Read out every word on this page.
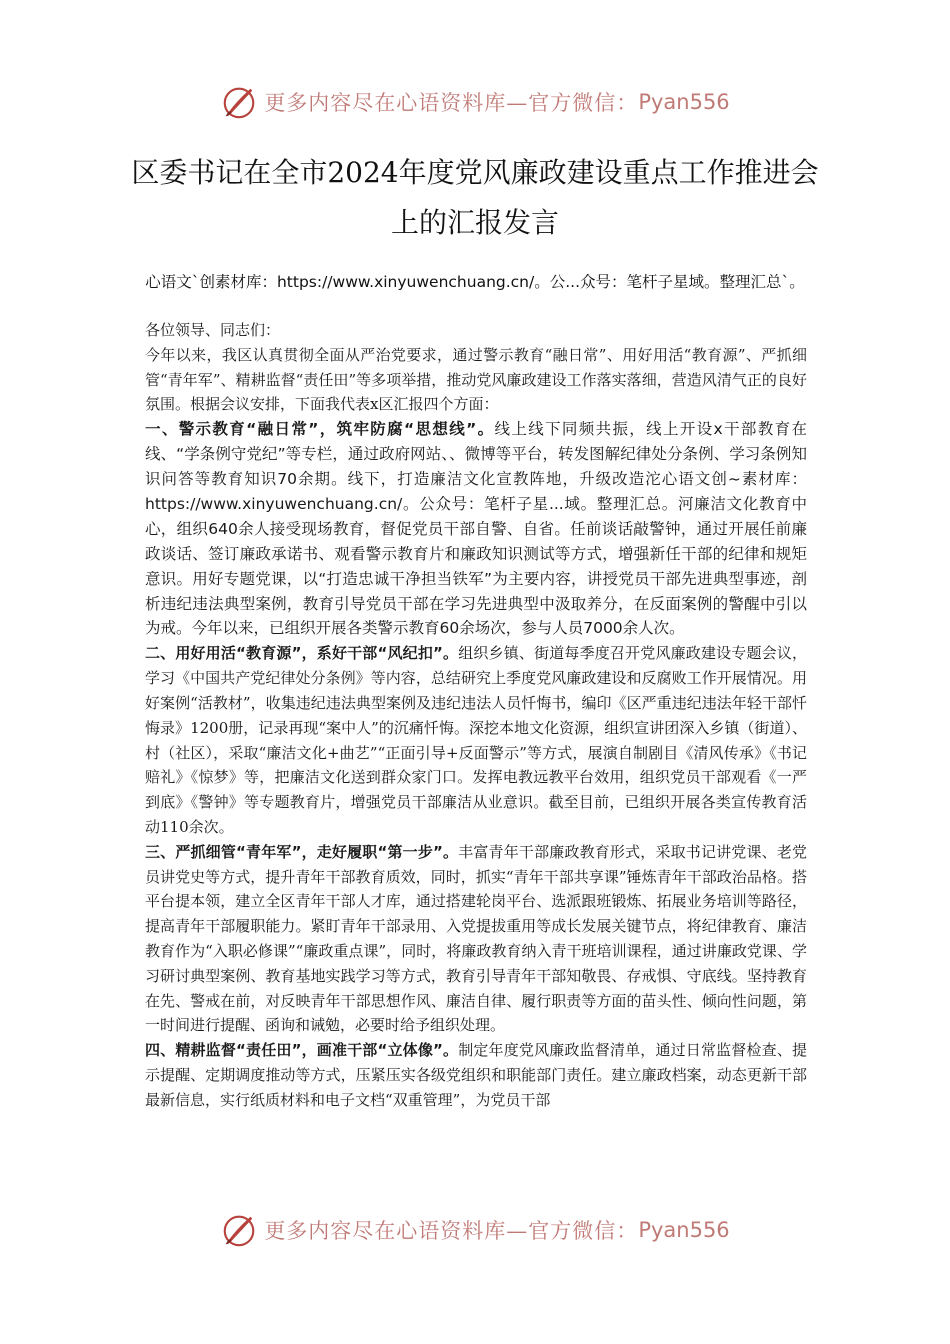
更多内容尽在心语资料库—官方微信： Pyan556
区委书记在全市2024年度党风廉政建设重点工作推进会上的汇报发言
心语文`创素材库：https://www.xinyuwenchuang.cn/。公...众号：笔杆子星域。整理汇总`。

各位领导、同志们：

今年以来，我区认真贯彻全面从严治党要求，通过警示教育“融日常”、用好用活“教育源”、严抓细管“青年军”、精耕监督“责任田”等多项举措，推动党风廉政建设工作落实落细，营造风清气正的良好氛围。根据会议安排，下面我代表x区汇报四个方面：

一、警示教育“融日常”，筑牢防腐“思想线”。线上线下同频共振，线上开设x干部教育在线、“学条例守党纪”等专栏，通过政府网站、、微博等平台，转发图解纪律处分条例、学习条例知识问答等教育知识70余期。线下，打造廉洁文化宣教阵地，升级改造沱心语文创~素材库：https://www.xinyuwenchuang.cn/。公众号：笔杆子星...域。整理汇总。河廉洁文化教育中心，组织640余人接受现场教育，督促党员干部自警、自省。任前谈话敲警钟，通过开展任前廉政谈话、签订廉政承诺书、观看警示教育片和廉政知识测试等方式，增强新任干部的纪律和规矩意识。用好专题党课，以“打造忠诚干净担当铁军”为主要内容，讲授党员干部先进典型事迹，剖析违纪违法典型案例，教育引导党员干部在学习先进典型中汲取养分，在反面案例的警醒中引以为戒。今年以来，已组织开展各类警示教育60余场次，参与人员7000余人次。

二、用好用活“教育源”，系好干部“风纪扣”。组织乡镇、街道每季度召开党风廉政建设专题会议，学习《中国共产党纪律处分条例》等内容，总结研究上季度党风廉政建设和反腐败工作开展情况。用好案例“活教材”，收集违纪违法典型案例及违纪违法人员忏悔书，编印《区严重违纪违法年轻干部忏悔录》1200册，记录再现“案中人”的沉痛忏悔。深挖本地文化资源，组织宣讲团深入乡镇（街道）、村（社区），采取“廉洁文化+曲艺”“正面引导+反面警示”等方式，展演自制剧目《清风传承》《书记赔礼》《惊梦》等，把廉洁文化送到群众家门口。发挥电教远教平台效用，组织党员干部观看《一严到底》《警钟》等专题教育片，增强党员干部廉洁从业意识。截至目前，已组织开展各类宣传教育活动110余次。

三、严抓细管“青年军”，走好履职“第一步”。丰富青年干部廉政教育形式，采取书记讲党课、老党员讲党史等方式，提升青年干部教育质效，同时，抓实“青年干部共享课”锤炼青年干部政治品格。搭平台提本领，建立全区青年干部人才库，通过搭建轮岗平台、选派跟班锻炼、拓展业务培训等路径，提高青年干部履职能力。紧盯青年干部录用、入党提拔重用等成长发展关键节点，将纪律教育、廉洁教育作为“入职必修课”“廉政重点课”，同时，将廉政教育纳入青干班培训课程，通过讲廉政党课、学习研讨典型案例、教育基地实践学习等方式，教育引导青年干部知敬畏、存戒惧、守底线。坚持教育在先、警戒在前，对反映青年干部思想作风、廉洁自律、履行职责等方面的苗头性、倾向性问题，第一时间进行提醒、函询和诫勉，必要时给予组织处理。

四、精耕监督“责任田”，画准干部“立体像”。制定年度党风廉政监督清单，通过日常监督检查、提示提醒、定期调度推动等方式，压紧压实各级党组织和职能部门责任。建立廉政档案，动态更新干部最新信息，实行纸质材料和电子文档“双重管理”，为党员干部

更多内容尽在心语资料库—官方微信： Pyan556
